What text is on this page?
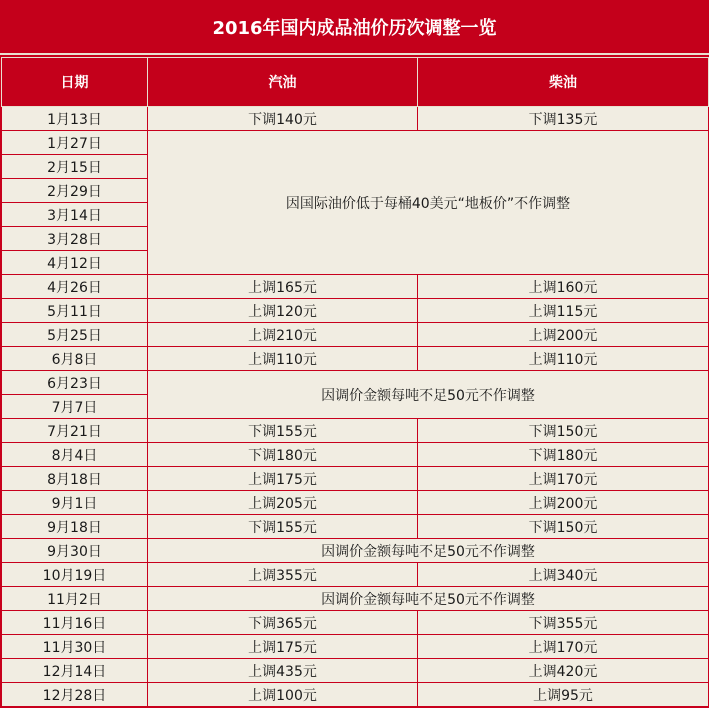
2016年国内成品油价历次调整一览
日期	汽油	柴油
1月13日	下调140元	下调135元
1月27日	因国际油价低于每桶40美元“地板价”不作调整	
2月15日		
2月29日		
3月14日		
3月28日		
4月12日		
4月26日	上调165元	上调160元
5月11日	上调120元	上调115元
5月25日	上调210元	上调200元
6月8日	上调110元	上调110元
6月23日	因调价金额每吨不足50元不作调整	
7月7日		
7月21日	下调155元	下调150元
8月4日	下调180元	下调180元
8月18日	上调175元	上调170元
9月1日	上调205元	上调200元
9月18日	下调155元	下调150元
9月30日	因调价金额每吨不足50元不作调整	
10月19日	上调355元	上调340元
11月2日	因调价金额每吨不足50元不作调整	
11月16日	下调365元	下调355元
11月30日	上调175元	上调170元
12月14日	上调435元	上调420元
12月28日	上调100元	上调95元
